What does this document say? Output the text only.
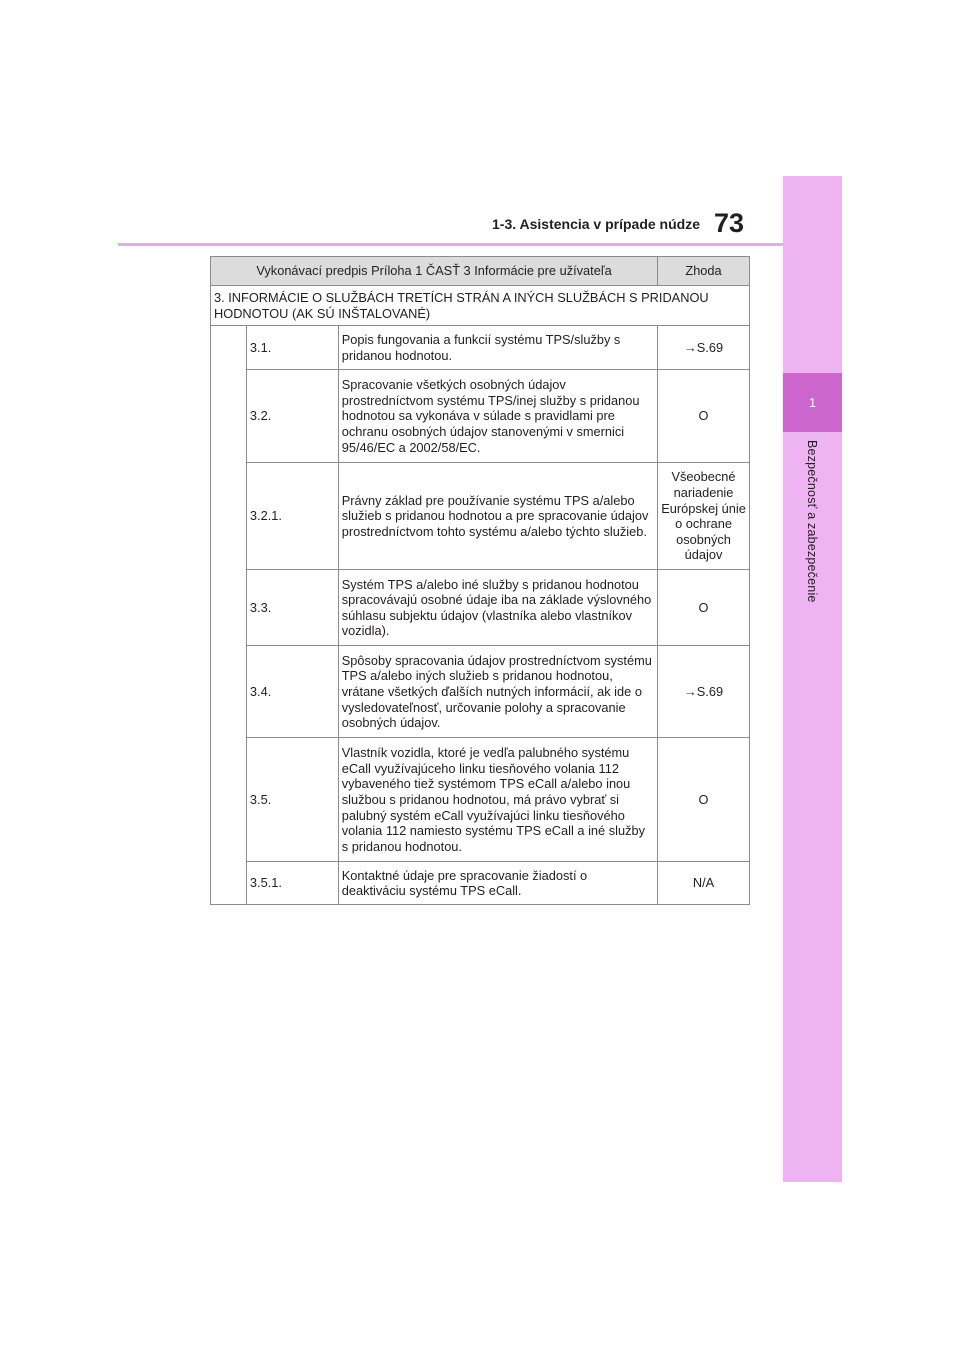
1
Bezpečnosť a zabezpečenie
1-3. Asistencia v prípade núdze 73
Vykonávací predpis Príloha 1 ČASŤ 3 Informácie pre užívateľa			Zhoda
3. INFORMÁCIE O SLUŽBÁCH TRETÍCH STRÁN A INÝCH SLUŽBÁCH S PRIDANOU HODNOTOU (AK SÚ INŠTALOVANÉ)			
	3.1.	Popis fungovania a funkcií systému TPS/služby s pridanou hodnotou.	→S.69
	3.2.	Spracovanie všetkých osobných údajov prostredníctvom systému TPS/inej služby s pridanou hodnotou sa vykonáva v súlade s pravidlami pre ochranu osobných údajov stanovenými v smernici 95/46/EC a 2002/58/EC.	O
	3.2.1.	Právny základ pre používanie systému TPS a/alebo služieb s pridanou hodnotou a pre spracovanie údajov prostredníctvom tohto systému a/alebo týchto služieb.	Všeobecné nariadenie Európskej únie o ochrane osobných údajov
	3.3.	Systém TPS a/alebo iné služby s pridanou hodnotou spracovávajú osobné údaje iba na základe výslovného súhlasu subjektu údajov (vlastníka alebo vlastníkov vozidla).	O
	3.4.	Spôsoby spracovania údajov prostredníctvom systému TPS a/alebo iných služieb s pridanou hodnotou, vrátane všetkých ďalších nutných informácií, ak ide o vysledovateľnosť, určovanie polohy a spracovanie osobných údajov.	→S.69
	3.5.	Vlastník vozidla, ktoré je vedľa palubného systému eCall využívajúceho linku tiesňového volania 112 vybaveného tiež systémom TPS eCall a/alebo inou službou s pridanou hodnotou, má právo vybrať si palubný systém eCall využívajúci linku tiesňového volania 112 namiesto systému TPS eCall a iné služby s pridanou hodnotou.	O
	3.5.1.	Kontaktné údaje pre spracovanie žiadostí o deaktiváciu systému TPS eCall.	N/A
